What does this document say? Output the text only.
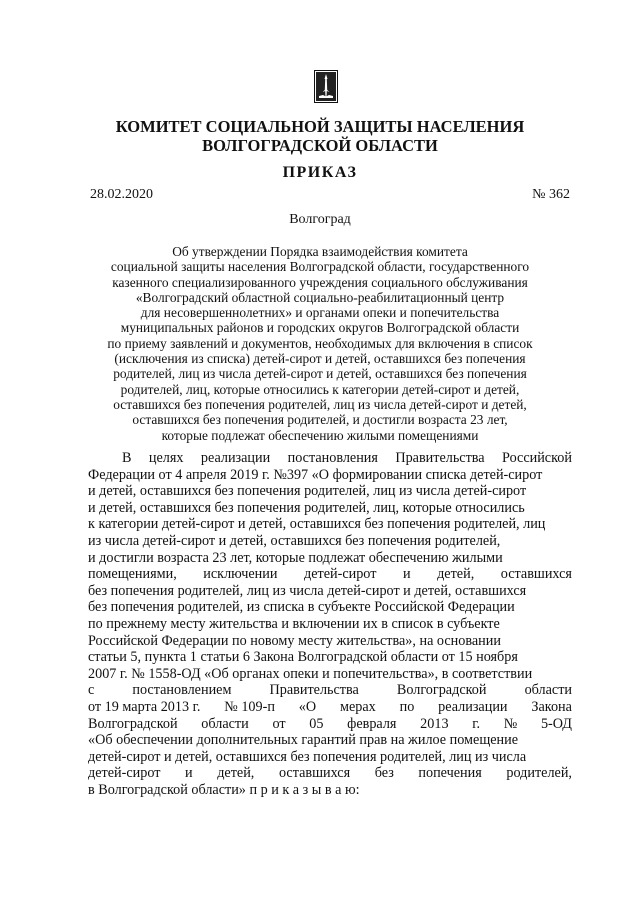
КОМИТЕТ СОЦИАЛЬНОЙ ЗАЩИТЫ НАСЕЛЕНИЯ
ВОЛГОГРАДСКОЙ ОБЛАСТИ
ПРИКАЗ
28.02.2020	№ 362
Волгоград
Об утверждении Порядка взаимодействия комитета
социальной защиты населения Волгоградской области, государственного
казенного специализированного учреждения социального обслуживания
«Волгоградский областной социально-реабилитационный центр
для несовершеннолетних» и органами опеки и попечительства
муниципальных районов и городских округов Волгоградской области
по приему заявлений и документов, необходимых для включения в список
(исключения из списка) детей-сирот и детей, оставшихся без попечения
родителей, лиц из числа детей-сирот и детей, оставшихся без попечения
родителей, лиц, которые относились к категории детей-сирот и детей,
оставшихся без попечения родителей, лиц из числа детей-сирот и детей,
оставшихся без попечения родителей, и достигли возраста 23 лет,
которые подлежат обеспечению жилыми помещениями
В целях реализации постановления Правительства Российской
Федерации от 4 апреля 2019 г. №397 «О формировании списка детей-сирот
и детей, оставшихся без попечения родителей, лиц из числа детей-сирот
и детей, оставшихся без попечения родителей, лиц, которые относились
к категории детей-сирот и детей, оставшихся без попечения родителей, лиц
из числа детей-сирот и детей, оставшихся без попечения родителей,
и достигли возраста 23 лет, которые подлежат обеспечению жилыми
помещениями, исключении детей-сирот и детей, оставшихся
без попечения родителей, лиц из числа детей-сирот и детей, оставшихся
без попечения родителей, из списка в субъекте Российской Федерации
по прежнему месту жительства и включении их в список в субъекте
Российской Федерации по новому месту жительства», на основании
статьи 5, пункта 1 статьи 6 Закона Волгоградской области от 15 ноября
2007 г. № 1558-ОД «Об органах опеки и попечительства», в соответствии
с	постановлением	Правительства	Волгоградской	области
от 19 марта 2013 г. № 109-п «О мерах по реализации Закона
Волгоградской области от 05 февраля 2013 г. № 5-ОД
«Об обеспечении дополнительных гарантий прав на жилое помещение
детей-сирот и детей, оставшихся без попечения родителей, лиц из числа
детей-сирот и детей, оставшихся без попечения родителей,
в Волгоградской области» п р и к а з ы в а ю:
